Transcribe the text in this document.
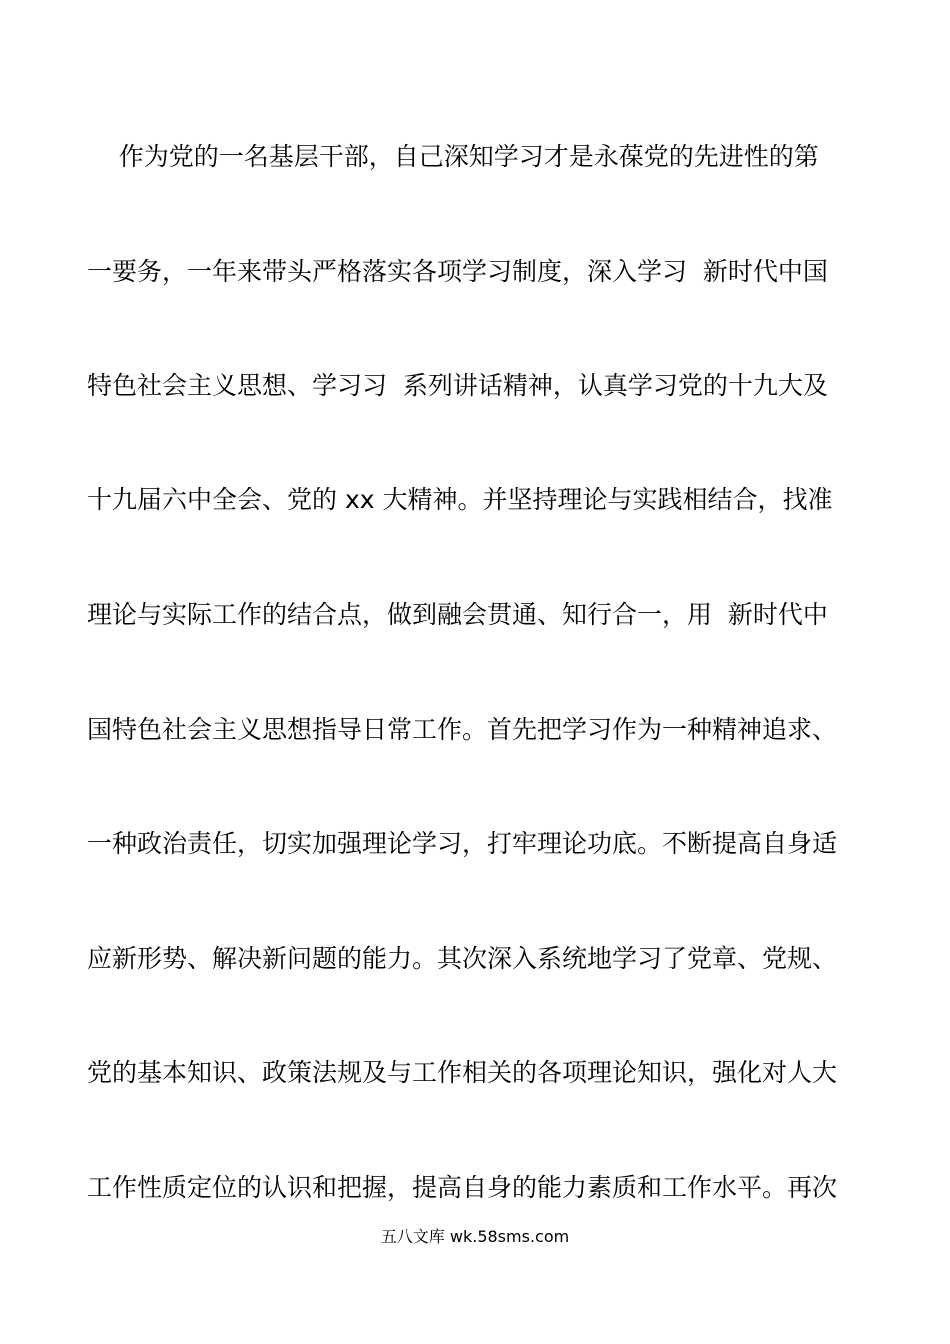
作为党的一名基层干部，自己深知学习才是永葆党的先进性的第
一要务，一年来带头严格落实各项学习制度，深入学习  新时代中国
特色社会主义思想、学习习  系列讲话精神，认真学习党的十九大及
十九届六中全会、党的 xx 大精神。并坚持理论与实践相结合，找准
理论与实际工作的结合点，做到融会贯通、知行合一，用  新时代中
国特色社会主义思想指导日常工作。首先把学习作为一种精神追求、
一种政治责任，切实加强理论学习，打牢理论功底。不断提高自身适
应新形势、解决新问题的能力。其次深入系统地学习了党章、党规、
党的基本知识、政策法规及与工作相关的各项理论知识，强化对人大
工作性质定位的认识和把握，提高自身的能力素质和工作水平。再次
五八文库 wk.58sms.com
